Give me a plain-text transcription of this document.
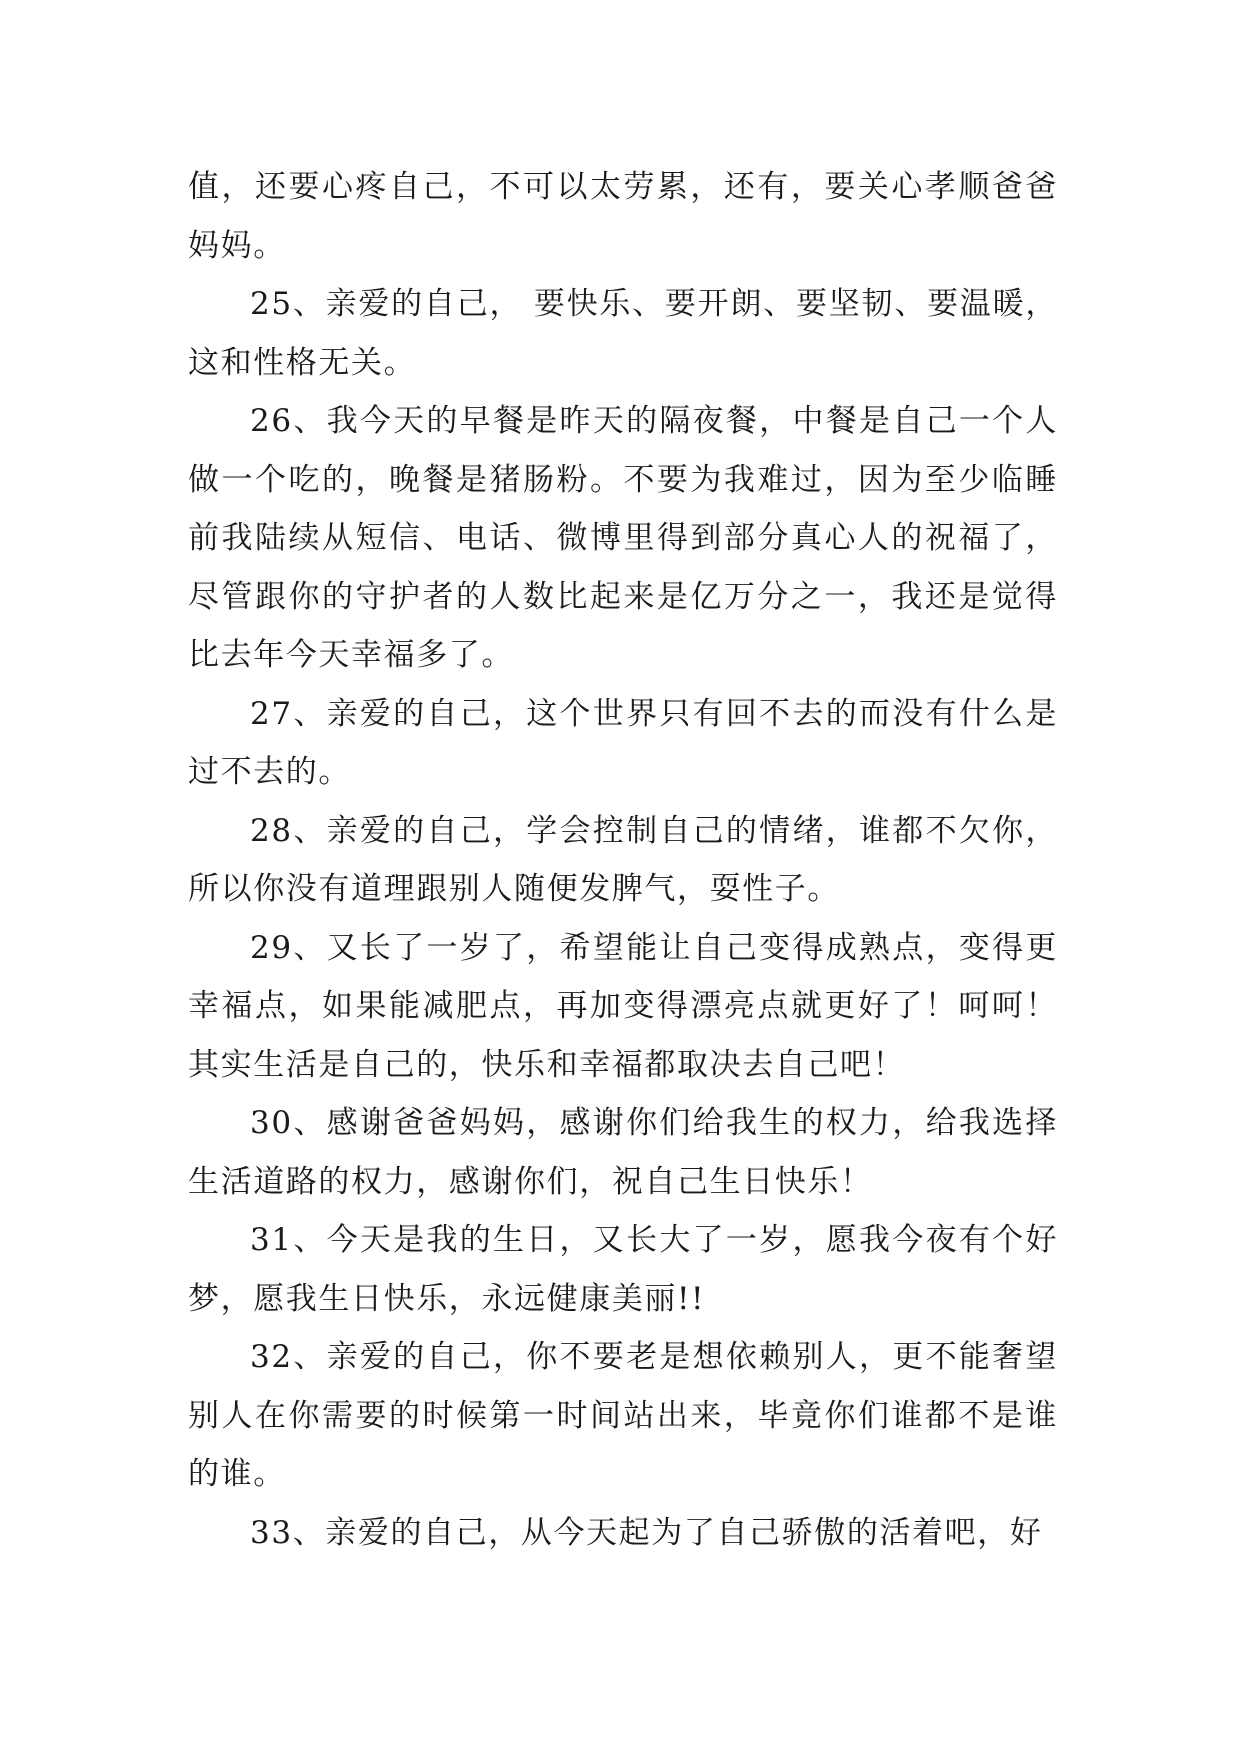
值，还要心疼自己，不可以太劳累，还有，要关心孝顺爸爸妈妈。

25、亲爱的自己， 要快乐、要开朗、要坚韧、要温暖，这和性格无关。

26、我今天的早餐是昨天的隔夜餐，中餐是自己一个人做一个吃的，晚餐是猪肠粉。不要为我难过，因为至少临睡前我陆续从短信、电话、微博里得到部分真心人的祝福了，尽管跟你的守护者的人数比起来是亿万分之一，我还是觉得比去年今天幸福多了。

27、亲爱的自己，这个世界只有回不去的而没有什么是过不去的。

28、亲爱的自己，学会控制自己的情绪，谁都不欠你，所以你没有道理跟别人随便发脾气，耍性子。

29、又长了一岁了，希望能让自己变得成熟点，变得更幸福点，如果能减肥点，再加变得漂亮点就更好了！呵呵！其实生活是自己的，快乐和幸福都取决去自己吧！

30、感谢爸爸妈妈，感谢你们给我生的权力，给我选择生活道路的权力，感谢你们，祝自己生日快乐！

31、今天是我的生日，又长大了一岁，愿我今夜有个好梦，愿我生日快乐，永远健康美丽!!

32、亲爱的自己，你不要老是想依赖别人，更不能奢望别人在你需要的时候第一时间站出来，毕竟你们谁都不是谁的谁。

33、亲爱的自己，从今天起为了自己骄傲的活着吧，好
